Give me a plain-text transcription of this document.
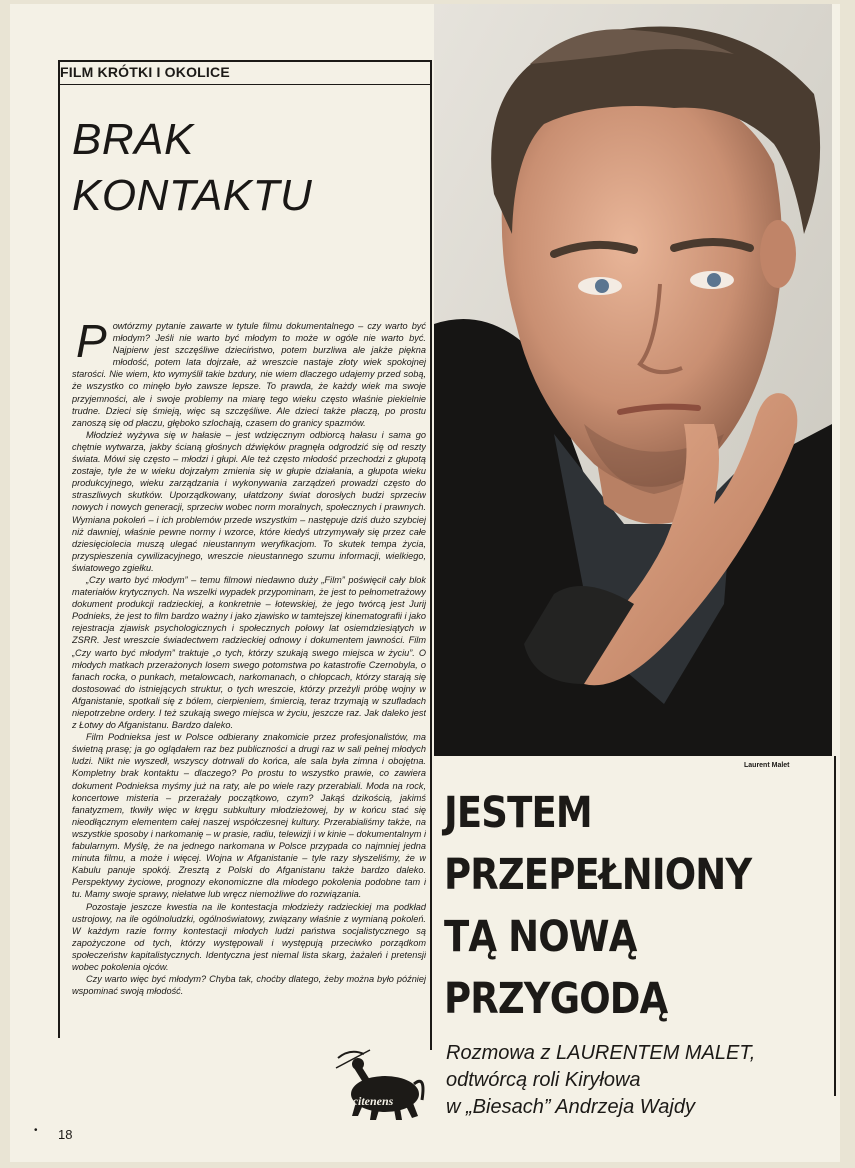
FILM KRÓTKI I OKOLICE
BRAK
KONTAKTU
P owtórzmy pytanie zawarte w tytule filmu dokumentalnego – czy warto być młodym? Jeśli nie warto być młodym to może w ogóle nie warto być. Najpierw jest szczęśliwe dzieciństwo, potem burzliwa ale jakże piękna młodość, potem lata dojrzałe, aż wreszcie nastaje złoty wiek spokojnej starości. Nie wiem, kto wymyślił takie bzdury, nie wiem dlaczego udajemy przed sobą, że wszystko co minęło było zawsze lepsze. To prawda, że każdy wiek ma swoje przyjemności, ale i swoje problemy na miarę tego wieku często właśnie piekielnie trudne. Dzieci się śmieją, więc są szczęśliwe. Ale dzieci także płaczą, po prostu zanoszą się od płaczu, głęboko szlochają, czasem do granicy spazmów.

Młodzież wyżywa się w hałasie – jest wdzięcznym odbiorcą hałasu i sama go chętnie wytwarza, jakby ścianą głośnych dźwięków pragnęła odgrodzić się od reszty świata. Mówi się często – młodzi i głupi. Ale też często młodość przechodzi z głupotą zostaje, tyle że w wieku dojrzałym zmienia się w głupie działania, a głupota wieku produkcyjnego, wieku zarządzania i wykonywania zarządzeń prowadzi często do straszliwych skutków. Uporządkowany, ułatdzony świat dorosłych budzi sprzeciw nowych i nowych generacji, sprzeciw wobec norm moralnych, społecznych i prawnych. Wymiana pokoleń – i ich problemów przede wszystkim – następuje dziś dużo szybciej niż dawniej, właśnie pewne normy i wzorce, które kiedyś utrzymywały się przez całe dziesięciolecia muszą ulegać nieustannym weryfikacjom. To skutek tempa życia, przyspieszenia cywilizacyjnego, wreszcie nieustannego szumu informacji, wielkiego, światowego zgiełku.

„Czy warto być młodym” – temu filmowi niedawno duży „Film” poświęcił cały blok materiałów krytycznych. Na wszelki wypadek przypominam, że jest to pełnometrażowy dokument produkcji radzieckiej, a konkretnie – łotewskiej, że jego twórcą jest Jurij Podnieks, że jest to film bardzo ważny i jako zjawisko w tamtejszej kinematografii i jako rejestracja zjawisk psychologicznych i społecznych połowy lat osiemdziesiątych w ZSRR. Jest wreszcie świadectwem radzieckiej odnowy i dokumentem jawności. Film „Czy warto być młodym” traktuje „o tych, którzy szukają swego miejsca w życiu”. O młodych matkach przerażonych losem swego potomstwa po katastrofie Czernobyla, o fanach rocka, o punkach, metalowcach, narkomanach, o chłopcach, którzy starają się dostosować do istniejących struktur, o tych wreszcie, którzy przeżyli próbę wojny w Afganistanie, spotkali się z bólem, cierpieniem, śmiercią, teraz trzymają w szufladach niepotrzebne ordery. I też szukają swego miejsca w życiu, jeszcze raz. Jak daleko jest z Łotwy do Afganistanu. Bardzo daleko.

Film Podnieksa jest w Polsce odbierany znakomicie przez profesjonalistów, ma świetną prasę; ja go oglądałem raz bez publiczności a drugi raz w sali pełnej młodych ludzi. Nikt nie wyszedł, wszyscy dotrwali do końca, ale sala była zimna i obojętna. Kompletny brak kontaktu – dlaczego? Po prostu to wszystko prawie, co zawiera dokument Podnieksa myśmy już na raty, ale po wiele razy przerabiali. Moda na rock, koncertowe misteria – przerażały początkowo, czym? Jakąś dzikością, jakimś fanatyzmem, tkwiły więc w kręgu subkultury młodzieżowej, by w końcu stać się nieodłącznym elementem całej naszej współczesnej kultury. Przerabialiśmy także, na wszystkie sposoby i narkomanię – w prasie, radiu, telewizji i w kinie – dokumentalnym i fabularnym. Myślę, że na jednego narkomana w Polsce przypada co najmniej jedna minuta filmu, a może i więcej. Wojna w Afganistanie – tyle razy słyszeliśmy, że w Kabulu panuje spokój. Zresztą z Polski do Afganistanu także bardzo daleko. Perspektywy życiowe, prognozy ekonomiczne dla młodego pokolenia podobne tam i tu. Mamy swoje sprawy, niełatwe lub wręcz niemożliwe do rozwiązania.

Pozostaje jeszcze kwestia na ile kontestacja młodzieży radzieckiej ma podkład ustrojowy, na ile ogólnoludzki, ogólnoświatowy, związany właśnie z wymianą pokoleń. W każdym razie formy kontestacji młodych ludzi państwa socjalistycznego są zapożyczone od tych, którzy występowali i występują przeciwko porządkom społeczeństw kapitalistycznych. Identyczna jest niemal lista skarg, żażaleń i pretensji wobec pokolenia ojców.

Czy warto więc być młodym? Chyba tak, choćby dlatego, żeby można było później wspominać swoją młodość.

Arcitenens
• 18
Laurent Malet
JESTEM
PRZEPEŁNIONY
TĄ NOWĄ
PRZYGODĄ
Rozmowa z LAURENTEM MALET,
odtwórcą roli Kiryłowa
w „Biesach” Andrzeja Wajdy
